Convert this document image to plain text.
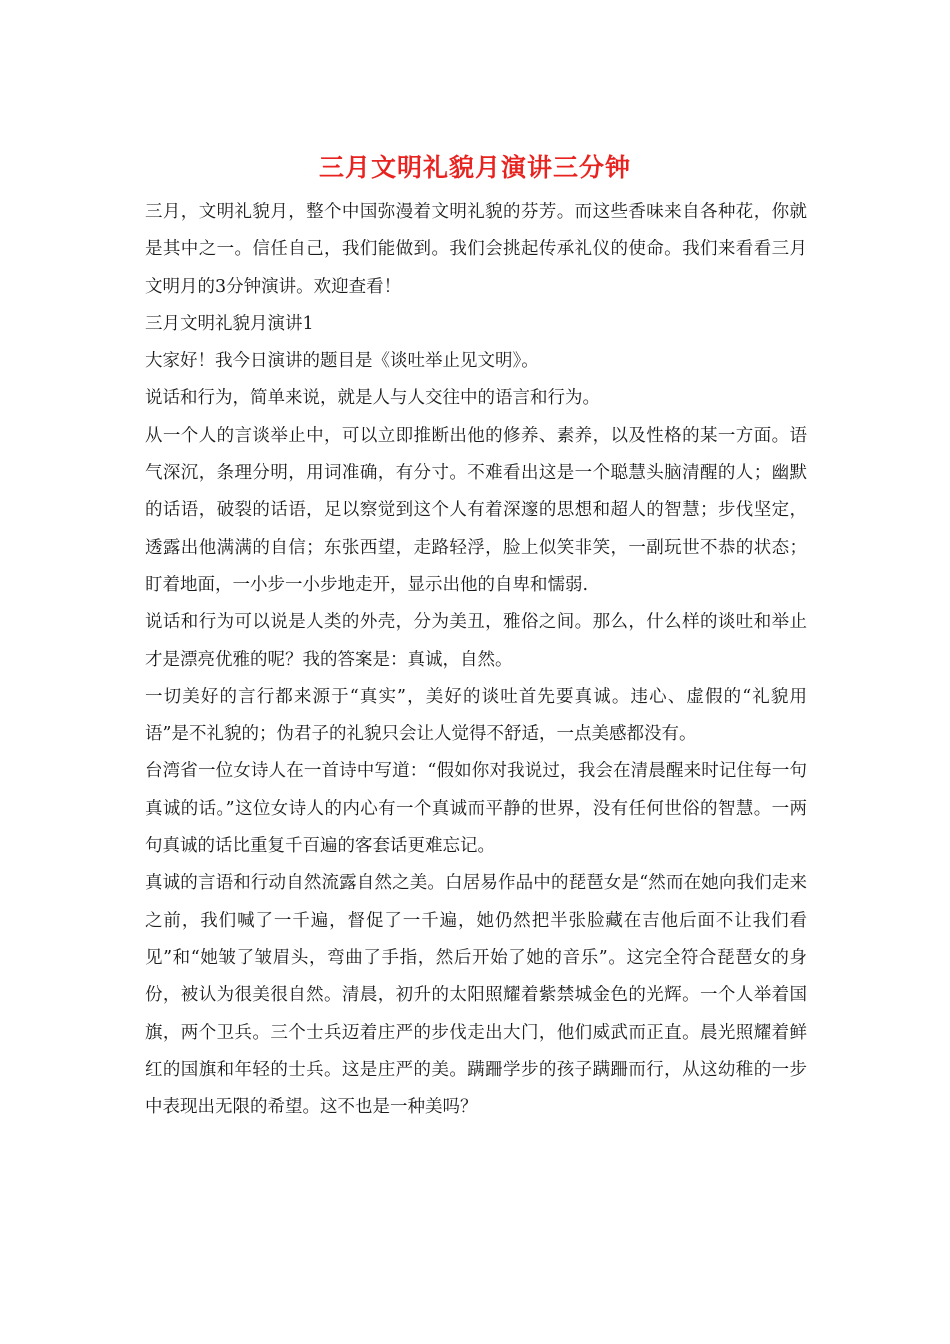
三月文明礼貌月演讲三分钟

三月，文明礼貌月，整个中国弥漫着文明礼貌的芬芳。而这些香味来自各种花，你就是其中之一。信任自己，我们能做到。我们会挑起传承礼仪的使命。我们来看看三月文明月的3分钟演讲。欢迎查看！

三月文明礼貌月演讲1

大家好！我今日演讲的题目是《谈吐举止见文明》。

说话和行为，简单来说，就是人与人交往中的语言和行为。

从一个人的言谈举止中，可以立即推断出他的修养、素养，以及性格的某一方面。语气深沉，条理分明，用词准确，有分寸。不难看出这是一个聪慧头脑清醒的人；幽默的话语，破裂的话语，足以察觉到这个人有着深邃的思想和超人的智慧；步伐坚定，透露出他满满的自信；东张西望，走路轻浮，脸上似笑非笑，一副玩世不恭的状态；盯着地面，一小步一小步地走开，显示出他的自卑和懦弱.

说话和行为可以说是人类的外壳，分为美丑，雅俗之间。那么，什么样的谈吐和举止才是漂亮优雅的呢？我的答案是：真诚，自然。

一切美好的言行都来源于“真实”，美好的谈吐首先要真诚。违心、虚假的“礼貌用语”是不礼貌的；伪君子的礼貌只会让人觉得不舒适，一点美感都没有。

台湾省一位女诗人在一首诗中写道：“假如你对我说过，我会在清晨醒来时记住每一句真诚的话。”这位女诗人的内心有一个真诚而平静的世界，没有任何世俗的智慧。一两句真诚的话比重复千百遍的客套话更难忘记。

真诚的言语和行动自然流露自然之美。白居易作品中的琵琶女是“然而在她向我们走来之前，我们喊了一千遍，督促了一千遍，她仍然把半张脸藏在吉他后面不让我们看见”和“她皱了皱眉头，弯曲了手指，然后开始了她的音乐”。这完全符合琵琶女的身份，被认为很美很自然。清晨，初升的太阳照耀着紫禁城金色的光辉。一个人举着国旗，两个卫兵。三个士兵迈着庄严的步伐走出大门，他们威武而正直。晨光照耀着鲜红的国旗和年轻的士兵。这是庄严的美。蹒跚学步的孩子蹒跚而行，从这幼稚的一步中表现出无限的希望。这不也是一种美吗？
